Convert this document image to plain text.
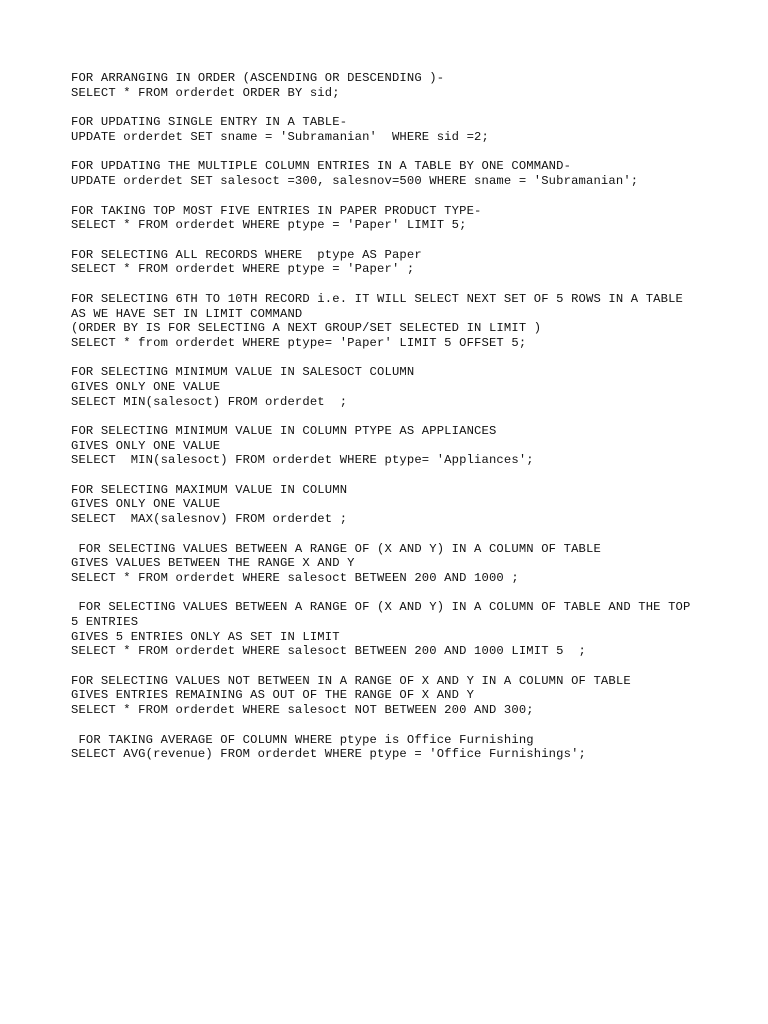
FOR ARRANGING IN ORDER (ASCENDING OR DESCENDING )-
SELECT * FROM orderdet ORDER BY sid;
FOR UPDATING SINGLE ENTRY IN A TABLE-
UPDATE orderdet SET sname = 'Subramanian'  WHERE sid =2;
FOR UPDATING THE MULTIPLE COLUMN ENTRIES IN A TABLE BY ONE COMMAND-
UPDATE orderdet SET salesoct =300, salesnov=500 WHERE sname = 'Subramanian';
FOR TAKING TOP MOST FIVE ENTRIES IN PAPER PRODUCT TYPE-
SELECT * FROM orderdet WHERE ptype = 'Paper' LIMIT 5;
FOR SELECTING ALL RECORDS WHERE  ptype AS Paper
SELECT * FROM orderdet WHERE ptype = 'Paper' ;
FOR SELECTING 6TH TO 10TH RECORD i.e. IT WILL SELECT NEXT SET OF 5 ROWS IN A TABLE
AS WE HAVE SET IN LIMIT COMMAND
(ORDER BY IS FOR SELECTING A NEXT GROUP/SET SELECTED IN LIMIT )
SELECT * from orderdet WHERE ptype= 'Paper' LIMIT 5 OFFSET 5;
FOR SELECTING MINIMUM VALUE IN SALESOCT COLUMN
GIVES ONLY ONE VALUE
SELECT MIN(salesoct) FROM orderdet  ;
FOR SELECTING MINIMUM VALUE IN COLUMN PTYPE AS APPLIANCES
GIVES ONLY ONE VALUE
SELECT  MIN(salesoct) FROM orderdet WHERE ptype= 'Appliances';
FOR SELECTING MAXIMUM VALUE IN COLUMN
GIVES ONLY ONE VALUE
SELECT  MAX(salesnov) FROM orderdet ;
FOR SELECTING VALUES BETWEEN A RANGE OF (X AND Y) IN A COLUMN OF TABLE
GIVES VALUES BETWEEN THE RANGE X AND Y
SELECT * FROM orderdet WHERE salesoct BETWEEN 200 AND 1000 ;
FOR SELECTING VALUES BETWEEN A RANGE OF (X AND Y) IN A COLUMN OF TABLE AND THE TOP
5 ENTRIES
GIVES 5 ENTRIES ONLY AS SET IN LIMIT
SELECT * FROM orderdet WHERE salesoct BETWEEN 200 AND 1000 LIMIT 5  ;
FOR SELECTING VALUES NOT BETWEEN IN A RANGE OF X AND Y IN A COLUMN OF TABLE
GIVES ENTRIES REMAINING AS OUT OF THE RANGE OF X AND Y
SELECT * FROM orderdet WHERE salesoct NOT BETWEEN 200 AND 300;
FOR TAKING AVERAGE OF COLUMN WHERE ptype is Office Furnishing
SELECT AVG(revenue) FROM orderdet WHERE ptype = 'Office Furnishings';
